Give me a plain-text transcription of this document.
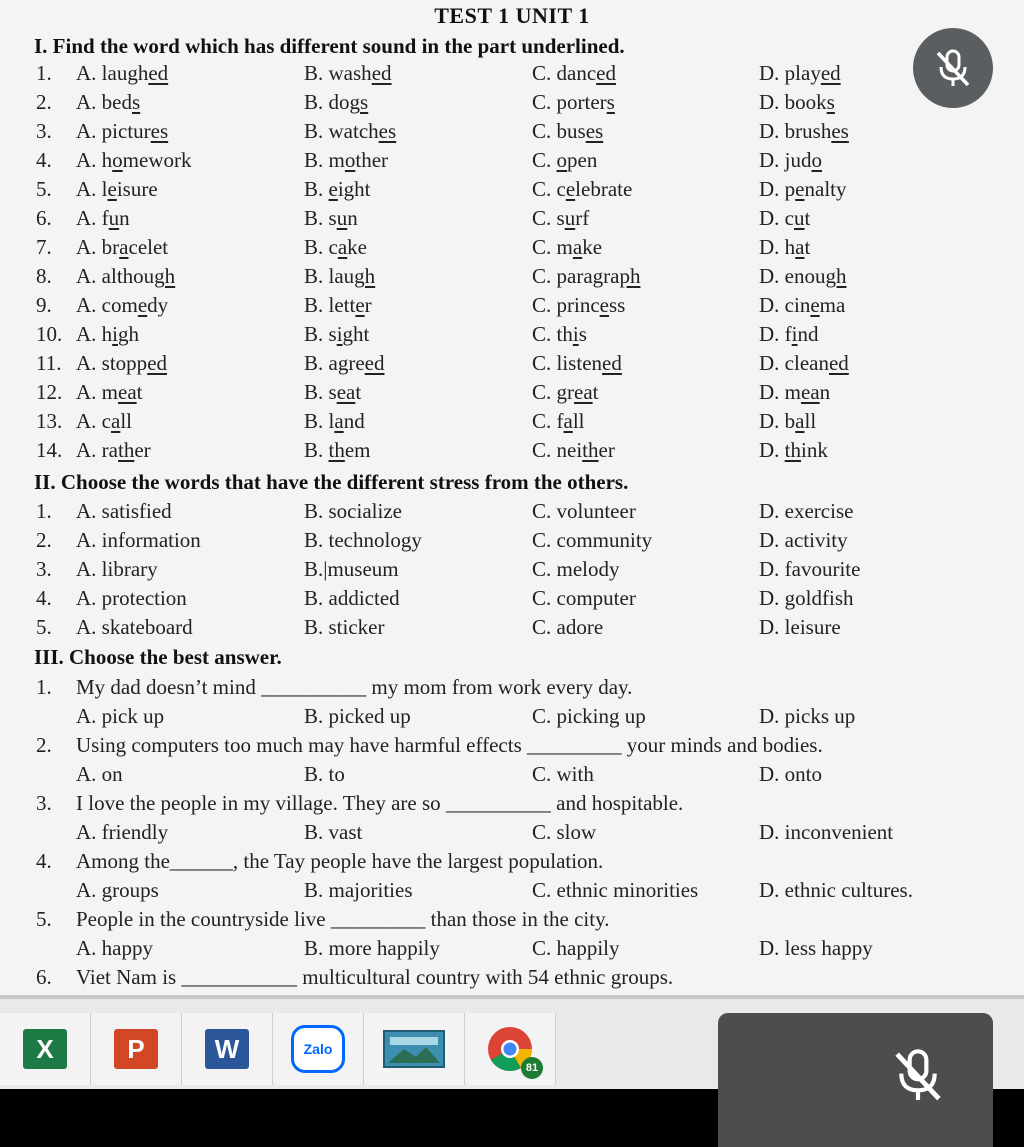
TEST 1 UNIT 1
I. Find the word which has different sound in the part underlined.
1. A. laughed	B. washed	C. danced	D. played
2. A. beds	B. dogs	C. porters	D. books
3. A. pictures	B. watches	C. buses	D. brushes
4. A. homework	B. mother	C. open	D. judo
5. A. leisure	B. eight	C. celebrate	D. penalty
6. A. fun	B. sun	C. surf	D. cut
7. A. bracelet	B. cake	C. make	D. hat
8. A. although	B. laugh	C. paragraph	D. enough
9. A. comedy	B. letter	C. princess	D. cinema
10. A. high	B. sight	C. this	D. find
11. A. stopped	B. agreed	C. listened	D. cleaned
12. A. meat	B. seat	C. great	D. mean
13. A. call	B. land	C. fall	D. ball
14. A. rather	B. them	C. neither	D. think
II. Choose the words that have the different stress from the others.
1. A. satisfied	B. socialize	C. volunteer	D. exercise
2. A. information	B. technology	C. community	D. activity
3. A. library	B.|museum	C. melody	D. favourite
4. A. protection	B. addicted	C. computer	D. goldfish
5. A. skateboard	B. sticker	C. adore	D. leisure
III. Choose the best answer.
1. My dad doesn’t mind __________ my mom from work every day.
A. pick up	B. picked up	C. picking up	D. picks up
2. Using computers too much may have harmful effects _________ your minds and bodies.
A. on	B. to	C. with	D. onto
3. I love the people in my village. They are so __________ and hospitable.
A. friendly	B. vast	C. slow	D. inconvenient
4. Among the______, the Tay people have the largest population.
A. groups	B. majorities	C. ethnic minorities	D. ethnic cultures.
5. People in the countryside live _________ than those in the city.
A. happy	B. more happily	C. happily	D. less happy
6. Viet Nam is ___________ multicultural country with 54 ethnic groups.
X	P	W	Zalo
81
